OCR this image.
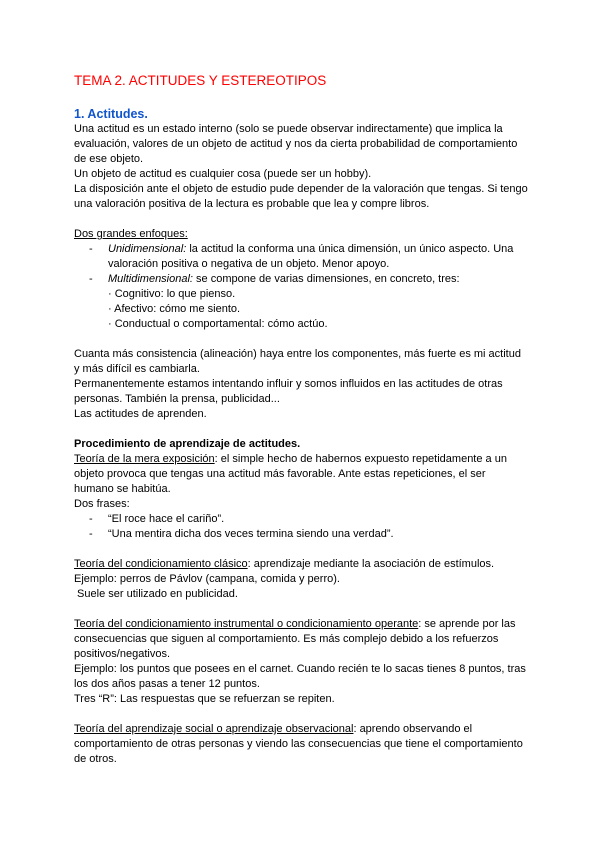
TEMA 2. ACTITUDES Y ESTEREOTIPOS
1. Actitudes.

Una actitud es un estado interno (solo se puede observar indirectamente) que implica la evaluación, valores de un objeto de actitud y nos da cierta probabilidad de comportamiento de ese objeto.

Un objeto de actitud es cualquier cosa (puede ser un hobby).

La disposición ante el objeto de estudio pude depender de la valoración que tengas. Si tengo una valoración positiva de la lectura es probable que lea y compre libros.

Dos grandes enfoques:

- Unidimensional: la actitud la conforma una única dimensión, un único aspecto. Una valoración positiva o negativa de un objeto. Menor apoyo.
- Multidimensional: se compone de varias dimensiones, en concreto, tres:

· Cognitivo: lo que pienso.

· Afectivo: cómo me siento.

· Conductual o comportamental: cómo actúo.

Cuanta más consistencia (alineación) haya entre los componentes, más fuerte es mi actitud y más difícil es cambiarla.

Permanentemente estamos intentando influir y somos influidos en las actitudes de otras personas. También la prensa, publicidad...

Las actitudes de aprenden.

Procedimiento de aprendizaje de actitudes.

Teoría de la mera exposición: el simple hecho de habernos expuesto repetidamente a un objeto provoca que tengas una actitud más favorable. Ante estas repeticiones, el ser humano se habitúa.

Dos frases:

- “El roce hace el cariño”.
- “Una mentira dicha dos veces termina siendo una verdad”.

Teoría del condicionamiento clásico: aprendizaje mediante la asociación de estímulos.

Ejemplo: perros de Pávlov (campana, comida y perro).

Suele ser utilizado en publicidad.

Teoría del condicionamiento instrumental o condicionamiento operante: se aprende por las consecuencias que siguen al comportamiento. Es más complejo debido a los refuerzos positivos/negativos.

Ejemplo: los puntos que posees en el carnet. Cuando recién te lo sacas tienes 8 puntos, tras los dos años pasas a tener 12 puntos.

Tres “R”: Las respuestas que se refuerzan se repiten.

Teoría del aprendizaje social o aprendizaje observacional: aprendo observando el comportamiento de otras personas y viendo las consecuencias que tiene el comportamiento de otros.
